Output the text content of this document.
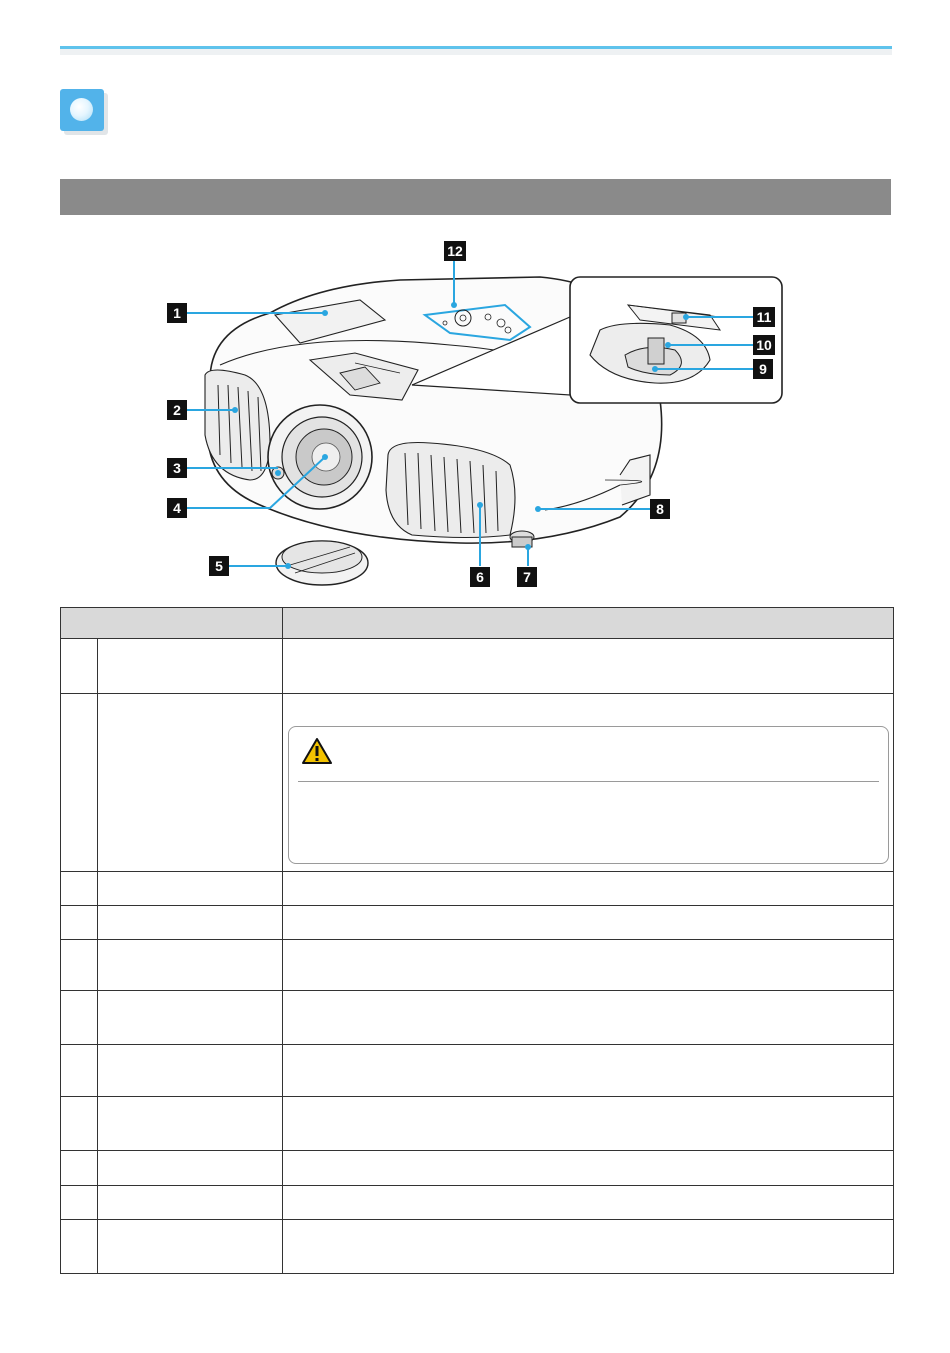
1
2
3
4
5
6	7
8
9
10
11
12
